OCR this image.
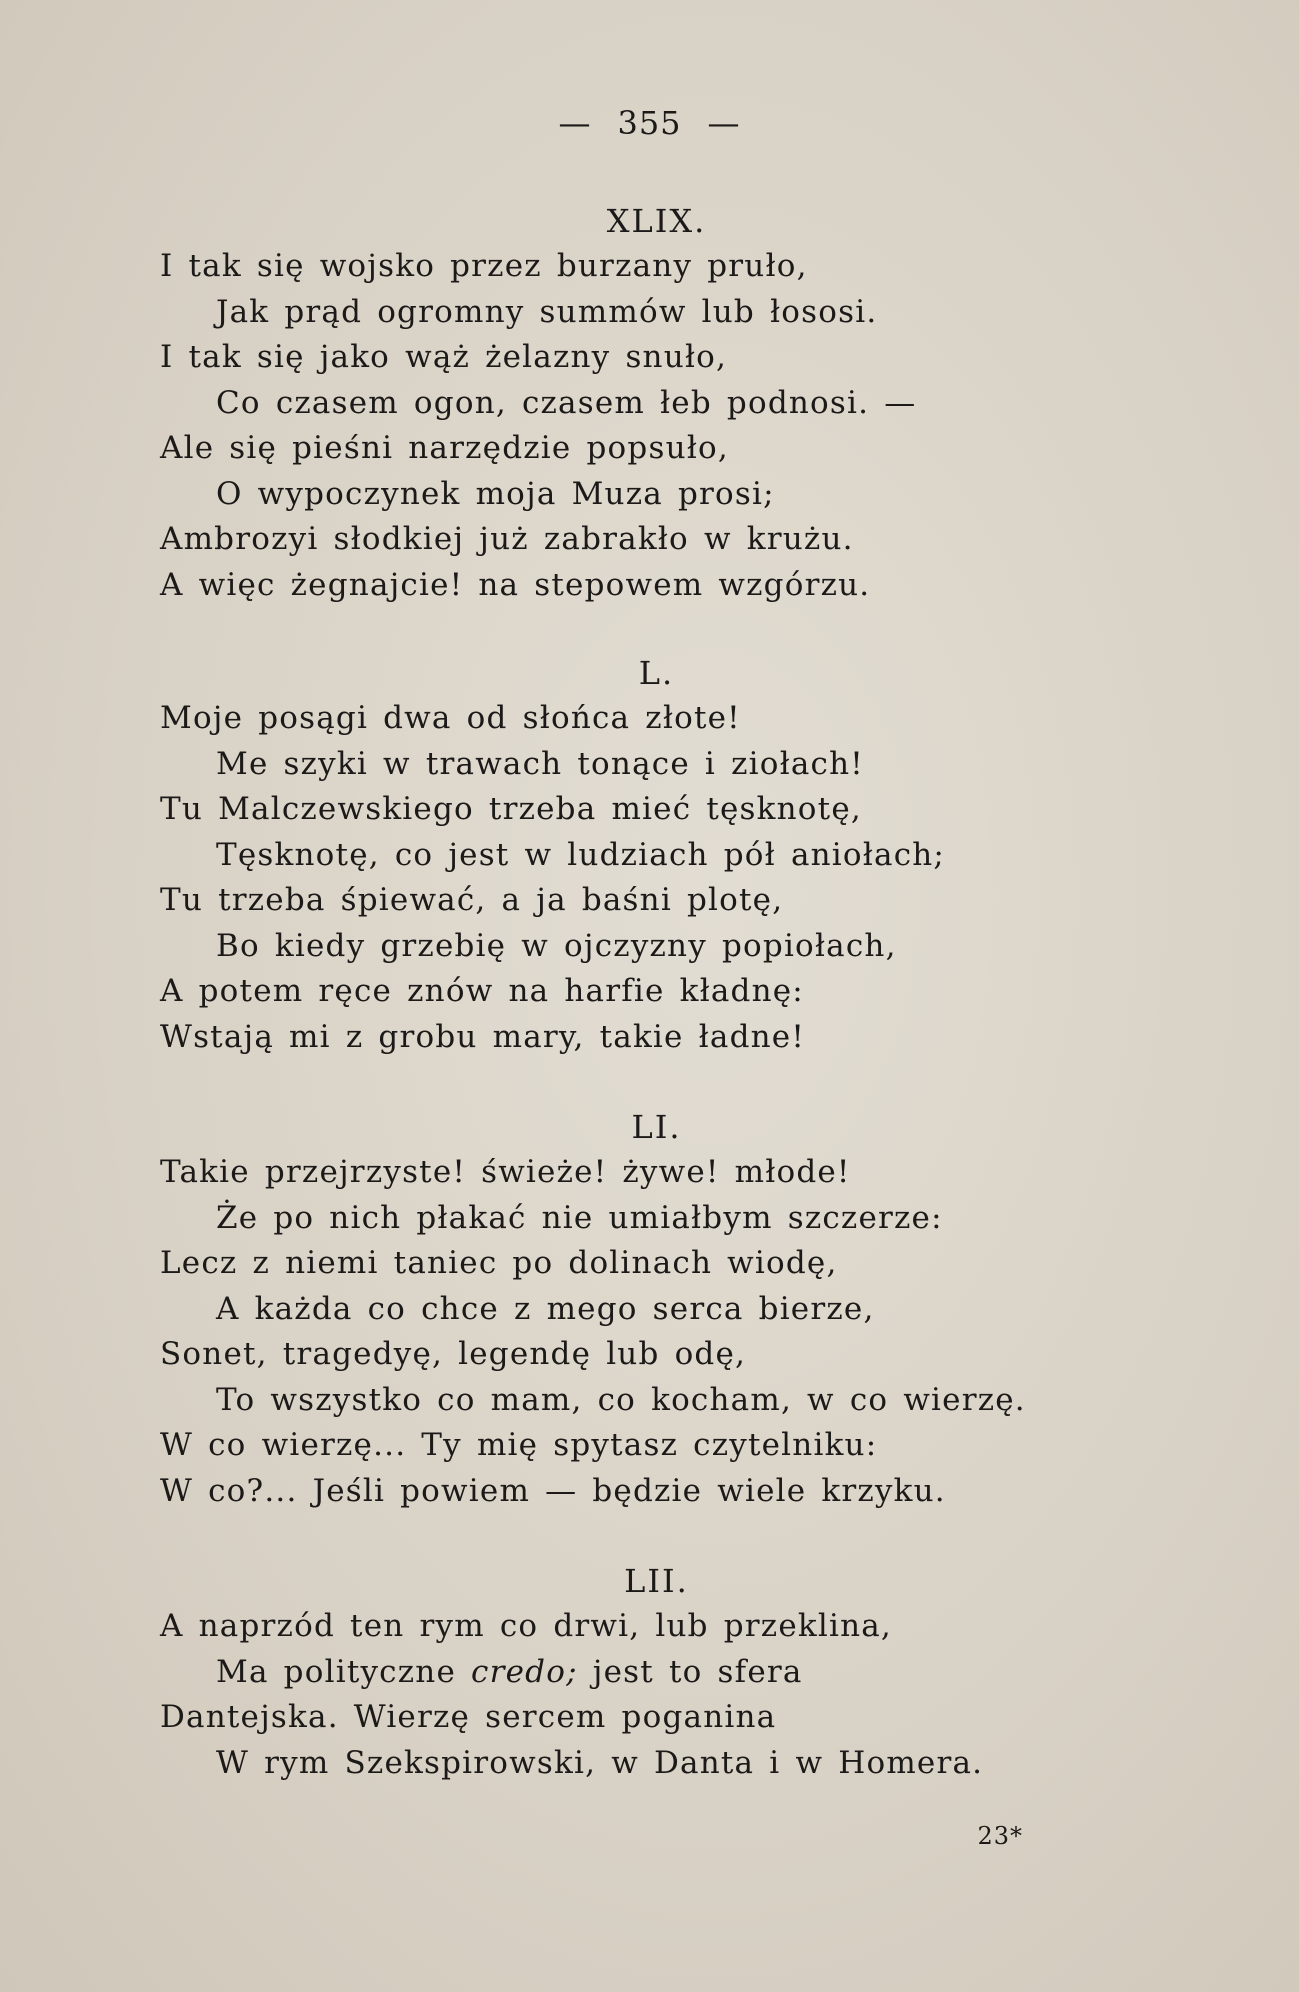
— 355 —
XLIX.
I tak się wojsko przez burzany pruło,
Jak prąd ogromny summów lub łososi.
I tak się jako wąż żelazny snuło,
Co czasem ogon, czasem łeb podnosi. —
Ale się pieśni narzędzie popsuło,
O wypoczynek moja Muza prosi;
Ambrozyi słodkiej już zabrakło w krużu.
A więc żegnajcie! na stepowem wzgórzu.
L.
Moje posągi dwa od słońca złote!
Me szyki w trawach tonące i ziołach!
Tu Malczewskiego trzeba mieć tęsknotę,
Tęsknotę, co jest w ludziach pół aniołach;
Tu trzeba śpiewać, a ja baśni plotę,
Bo kiedy grzebię w ojczyzny popiołach,
A potem ręce znów na harfie kładnę:
Wstają mi z grobu mary, takie ładne!
LI.
Takie przejrzyste! świeże! żywe! młode!
Że po nich płakać nie umiałbym szczerze:
Lecz z niemi taniec po dolinach wiodę,
A każda co chce z mego serca bierze,
Sonet, tragedyę, legendę lub odę,
To wszystko co mam, co kocham, w co wierzę.
W co wierzę... Ty mię spytasz czytelniku:
W co?... Jeśli powiem — będzie wiele krzyku.
LII.
A naprzód ten rym co drwi, lub przeklina,
Ma polityczne credo; jest to sfera
Dantejska. Wierzę sercem poganina
W rym Szekspirowski, w Danta i w Homera.
23*
